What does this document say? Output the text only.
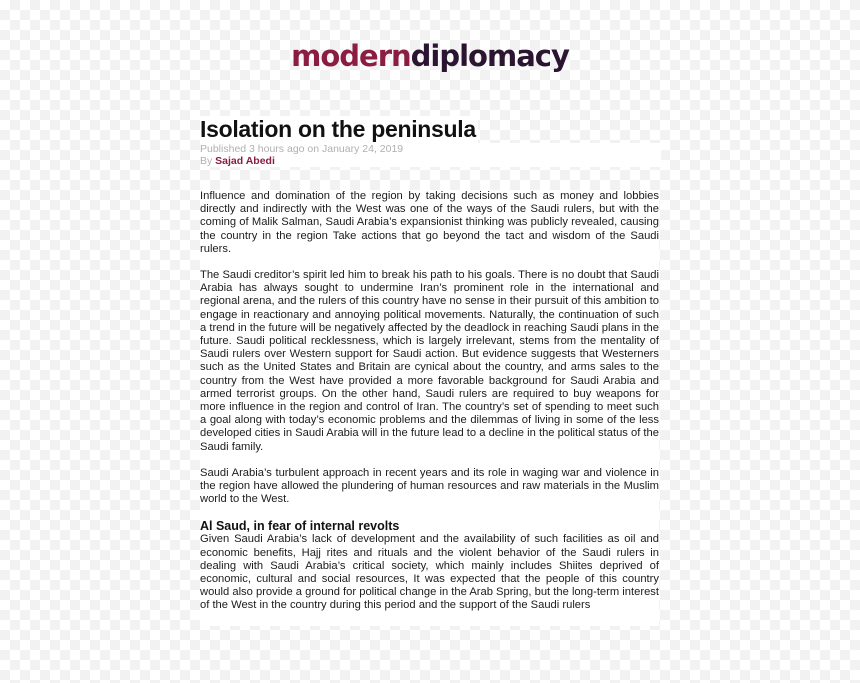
moderndiplomacy
Isolation on the peninsula
Published 3 hours ago on January 24, 2019
By Sajad Abedi

Influence and domination of the region by taking decisions such as money and lobbies directly and indirectly with the West was one of the ways of the Saudi rulers, but with the coming of Malik Salman, Saudi Arabia’s expansionist thinking was publicly revealed, causing the country in the region Take actions that go beyond the tact and wisdom of the Saudi rulers.

The Saudi creditor’s spirit led him to break his path to his goals. There is no doubt that Saudi Arabia has always sought to undermine Iran’s prominent role in the international and regional arena, and the rulers of this country have no sense in their pursuit of this ambition to engage in reactionary and annoying political movements. Naturally, the continuation of such a trend in the future will be negatively affected by the deadlock in reaching Saudi plans in the future. Saudi political recklessness, which is largely irrelevant, stems from the mentality of Saudi rulers over Western support for Saudi action. But evidence suggests that Westerners such as the United States and Britain are cynical about the country, and arms sales to the country from the West have provided a more favorable background for Saudi Arabia and armed terrorist groups. On the other hand, Saudi rulers are required to buy weapons for more influence in the region and control of Iran. The country’s set of spending to meet such a goal along with today’s economic problems and the dilemmas of living in some of the less developed cities in Saudi Arabia will in the future lead to a decline in the political status of the Saudi family.

Saudi Arabia’s turbulent approach in recent years and its role in waging war and violence in the region have allowed the plundering of human resources and raw materials in the Muslim world to the West.

Al Saud, in fear of internal revolts

Given Saudi Arabia’s lack of development and the availability of such facilities as oil and economic benefits, Hajj rites and rituals and the violent behavior of the Saudi rulers in dealing with Saudi Arabia’s critical society, which mainly includes Shiites deprived of economic, cultural and social resources, It was expected that the people of this country would also provide a ground for political change in the Arab Spring, but the long-term interest of the West in the country during this period and the support of the Saudi rulers
